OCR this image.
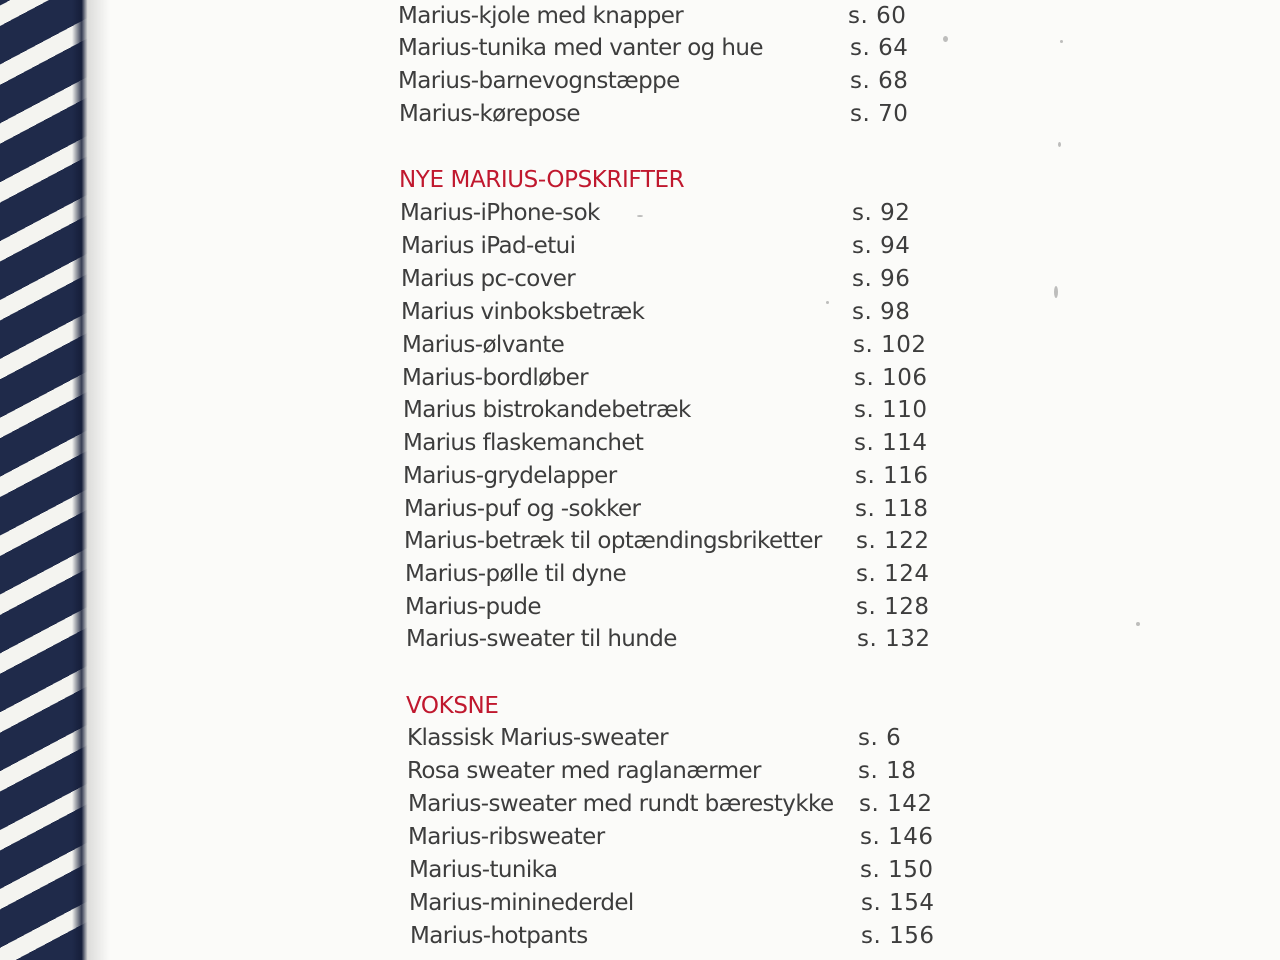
Marius-kjole med knapper	s. 60
Marius-tunika med vanter og hue	s. 64
Marius-barnevognstæppe	s. 68
Marius-kørepose	s. 70
NYE MARIUS-OPSKRIFTER
Marius-iPhone-sok	s. 92
Marius iPad-etui	s. 94
Marius pc-cover	s. 96
Marius vinboksbetræk	s. 98
Marius-ølvante	s. 102
Marius-bordløber	s. 106
Marius bistrokandebetræk	s. 110
Marius flaskemanchet	s. 114
Marius-grydelapper	s. 116
Marius-puf og -sokker	s. 118
Marius-betræk til optændingsbriketter s. 122
Marius-pølle til dyne	s. 124
Marius-pude	s. 128
Marius-sweater til hunde	s. 132
VOKSNE
Klassisk Marius-sweater	s. 6
Rosa sweater med raglanærmer	s. 18
Marius-sweater med rundt bærestykke s. 142
Marius-ribsweater	s. 146
Marius-tunika	s. 150
Marius-mininederdel	s. 154
Marius-hotpants	s. 156
